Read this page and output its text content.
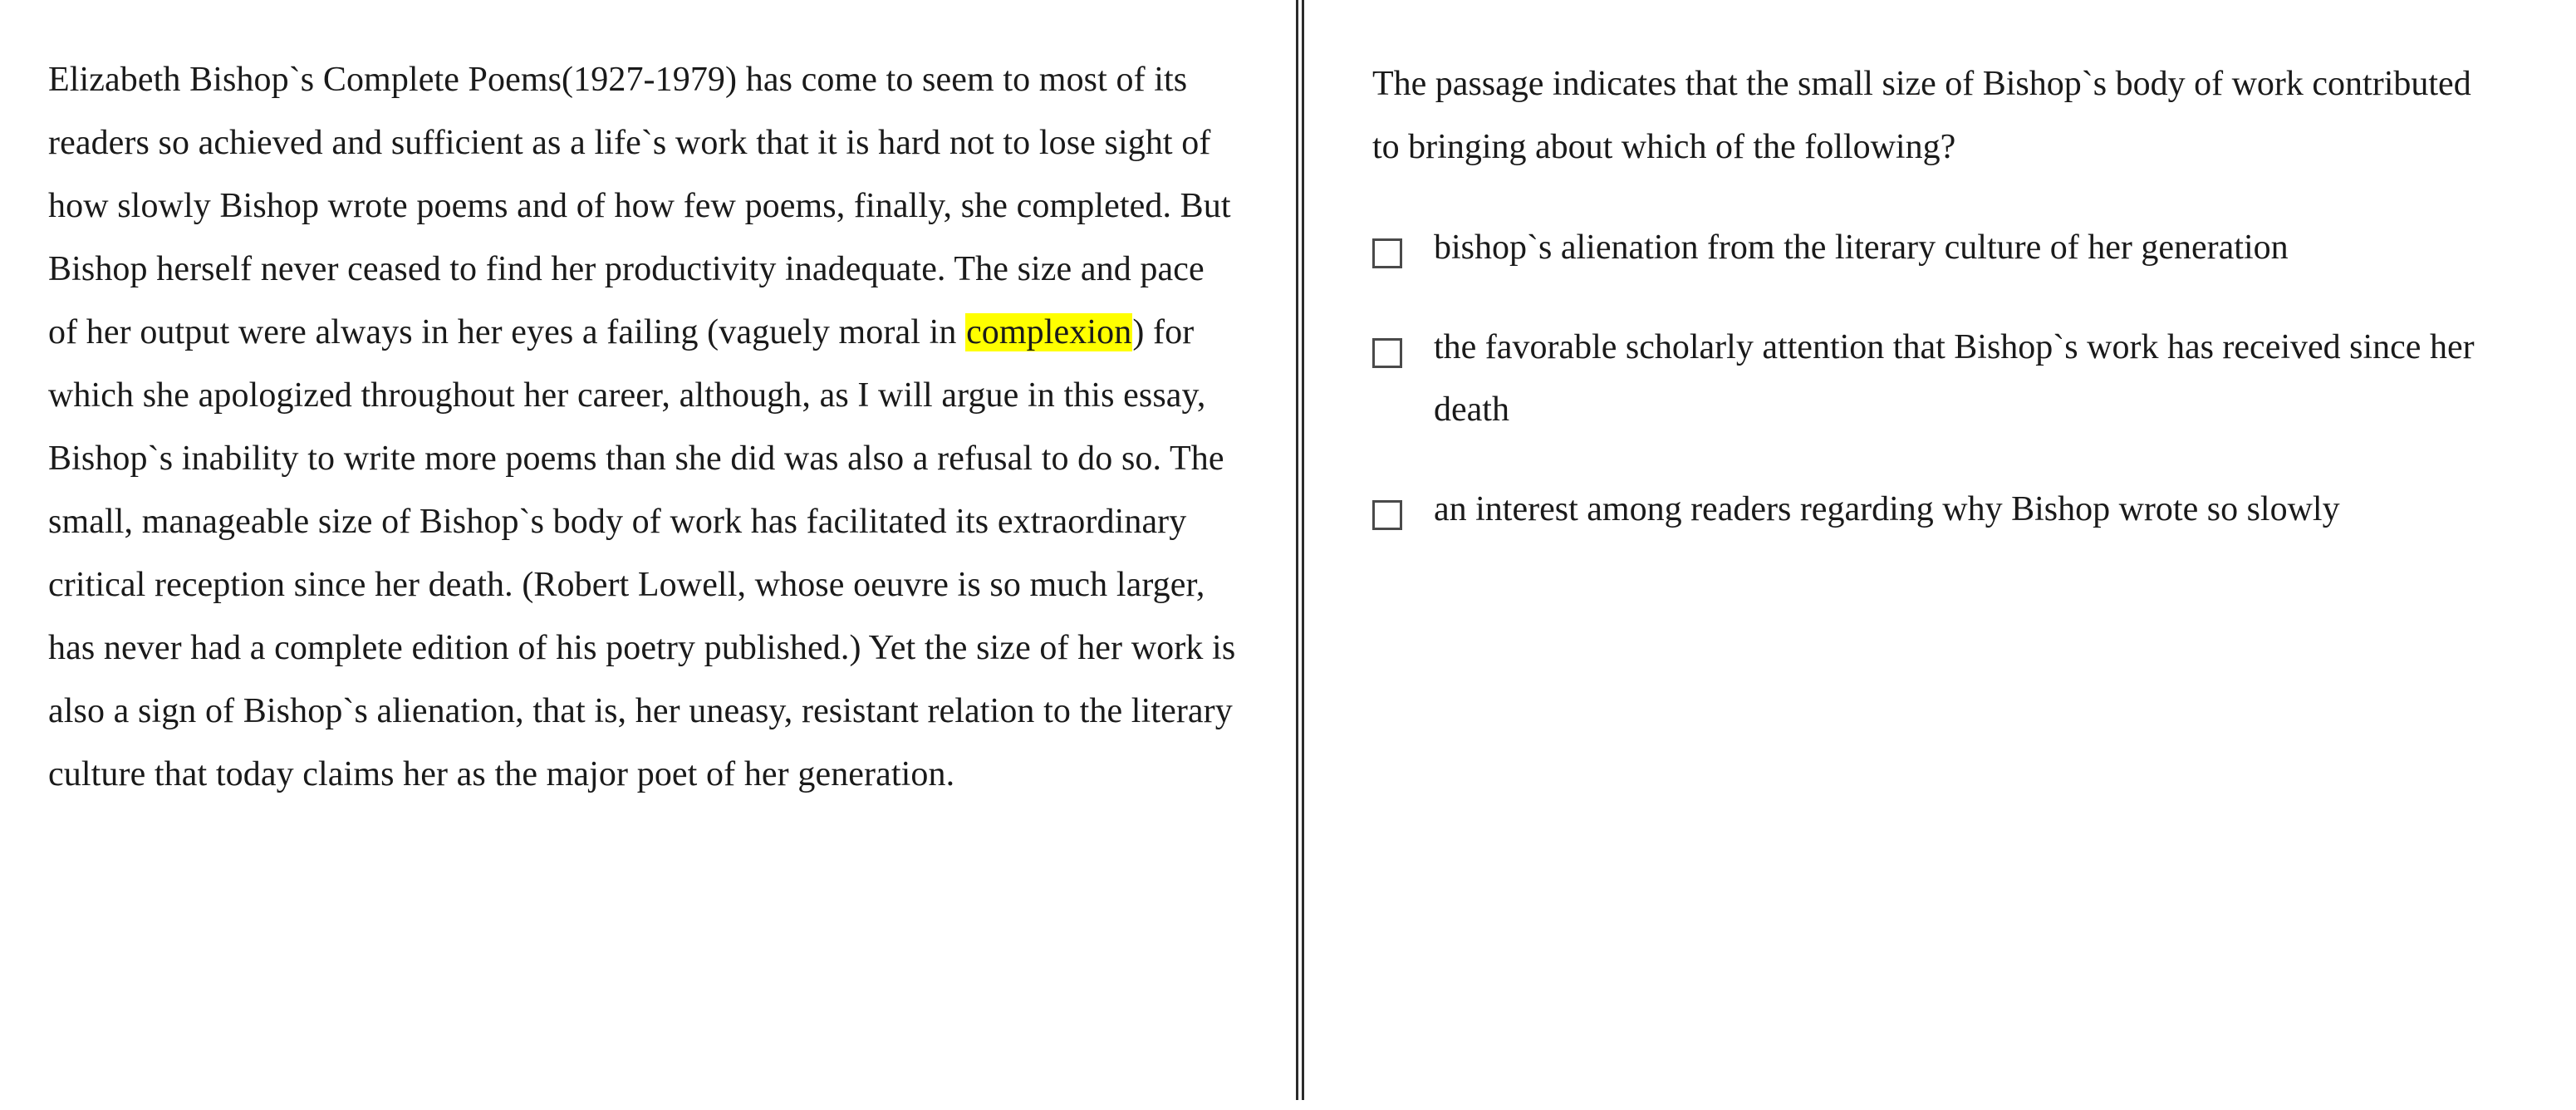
Elizabeth Bishop`s Complete Poems(1927-1979) has come to seem to most of its readers so achieved and sufficient as a life`s work that it is hard not to lose sight of how slowly Bishop wrote poems and of how few poems, finally, she completed. But Bishop herself never ceased to find her productivity inadequate. The size and pace of her output were always in her eyes a failing (vaguely moral in complexion) for which she apologized throughout her career, although, as I will argue in this essay, Bishop`s inability to write more poems than she did was also a refusal to do so. The small, manageable size of Bishop`s body of work has facilitated its extraordinary critical reception since her death. (Robert Lowell, whose oeuvre is so much larger, has never had a complete edition of his poetry published.) Yet the size of her work is also a sign of Bishop`s alienation, that is, her uneasy, resistant relation to the literary culture that today claims her as the major poet of her generation.

The passage indicates that the small size of Bishop`s body of work contributed to bringing about which of the following?

bishop`s alienation from the literary culture of her generation
the favorable scholarly attention that Bishop`s work has received since her death
an interest among readers regarding why Bishop wrote so slowly
